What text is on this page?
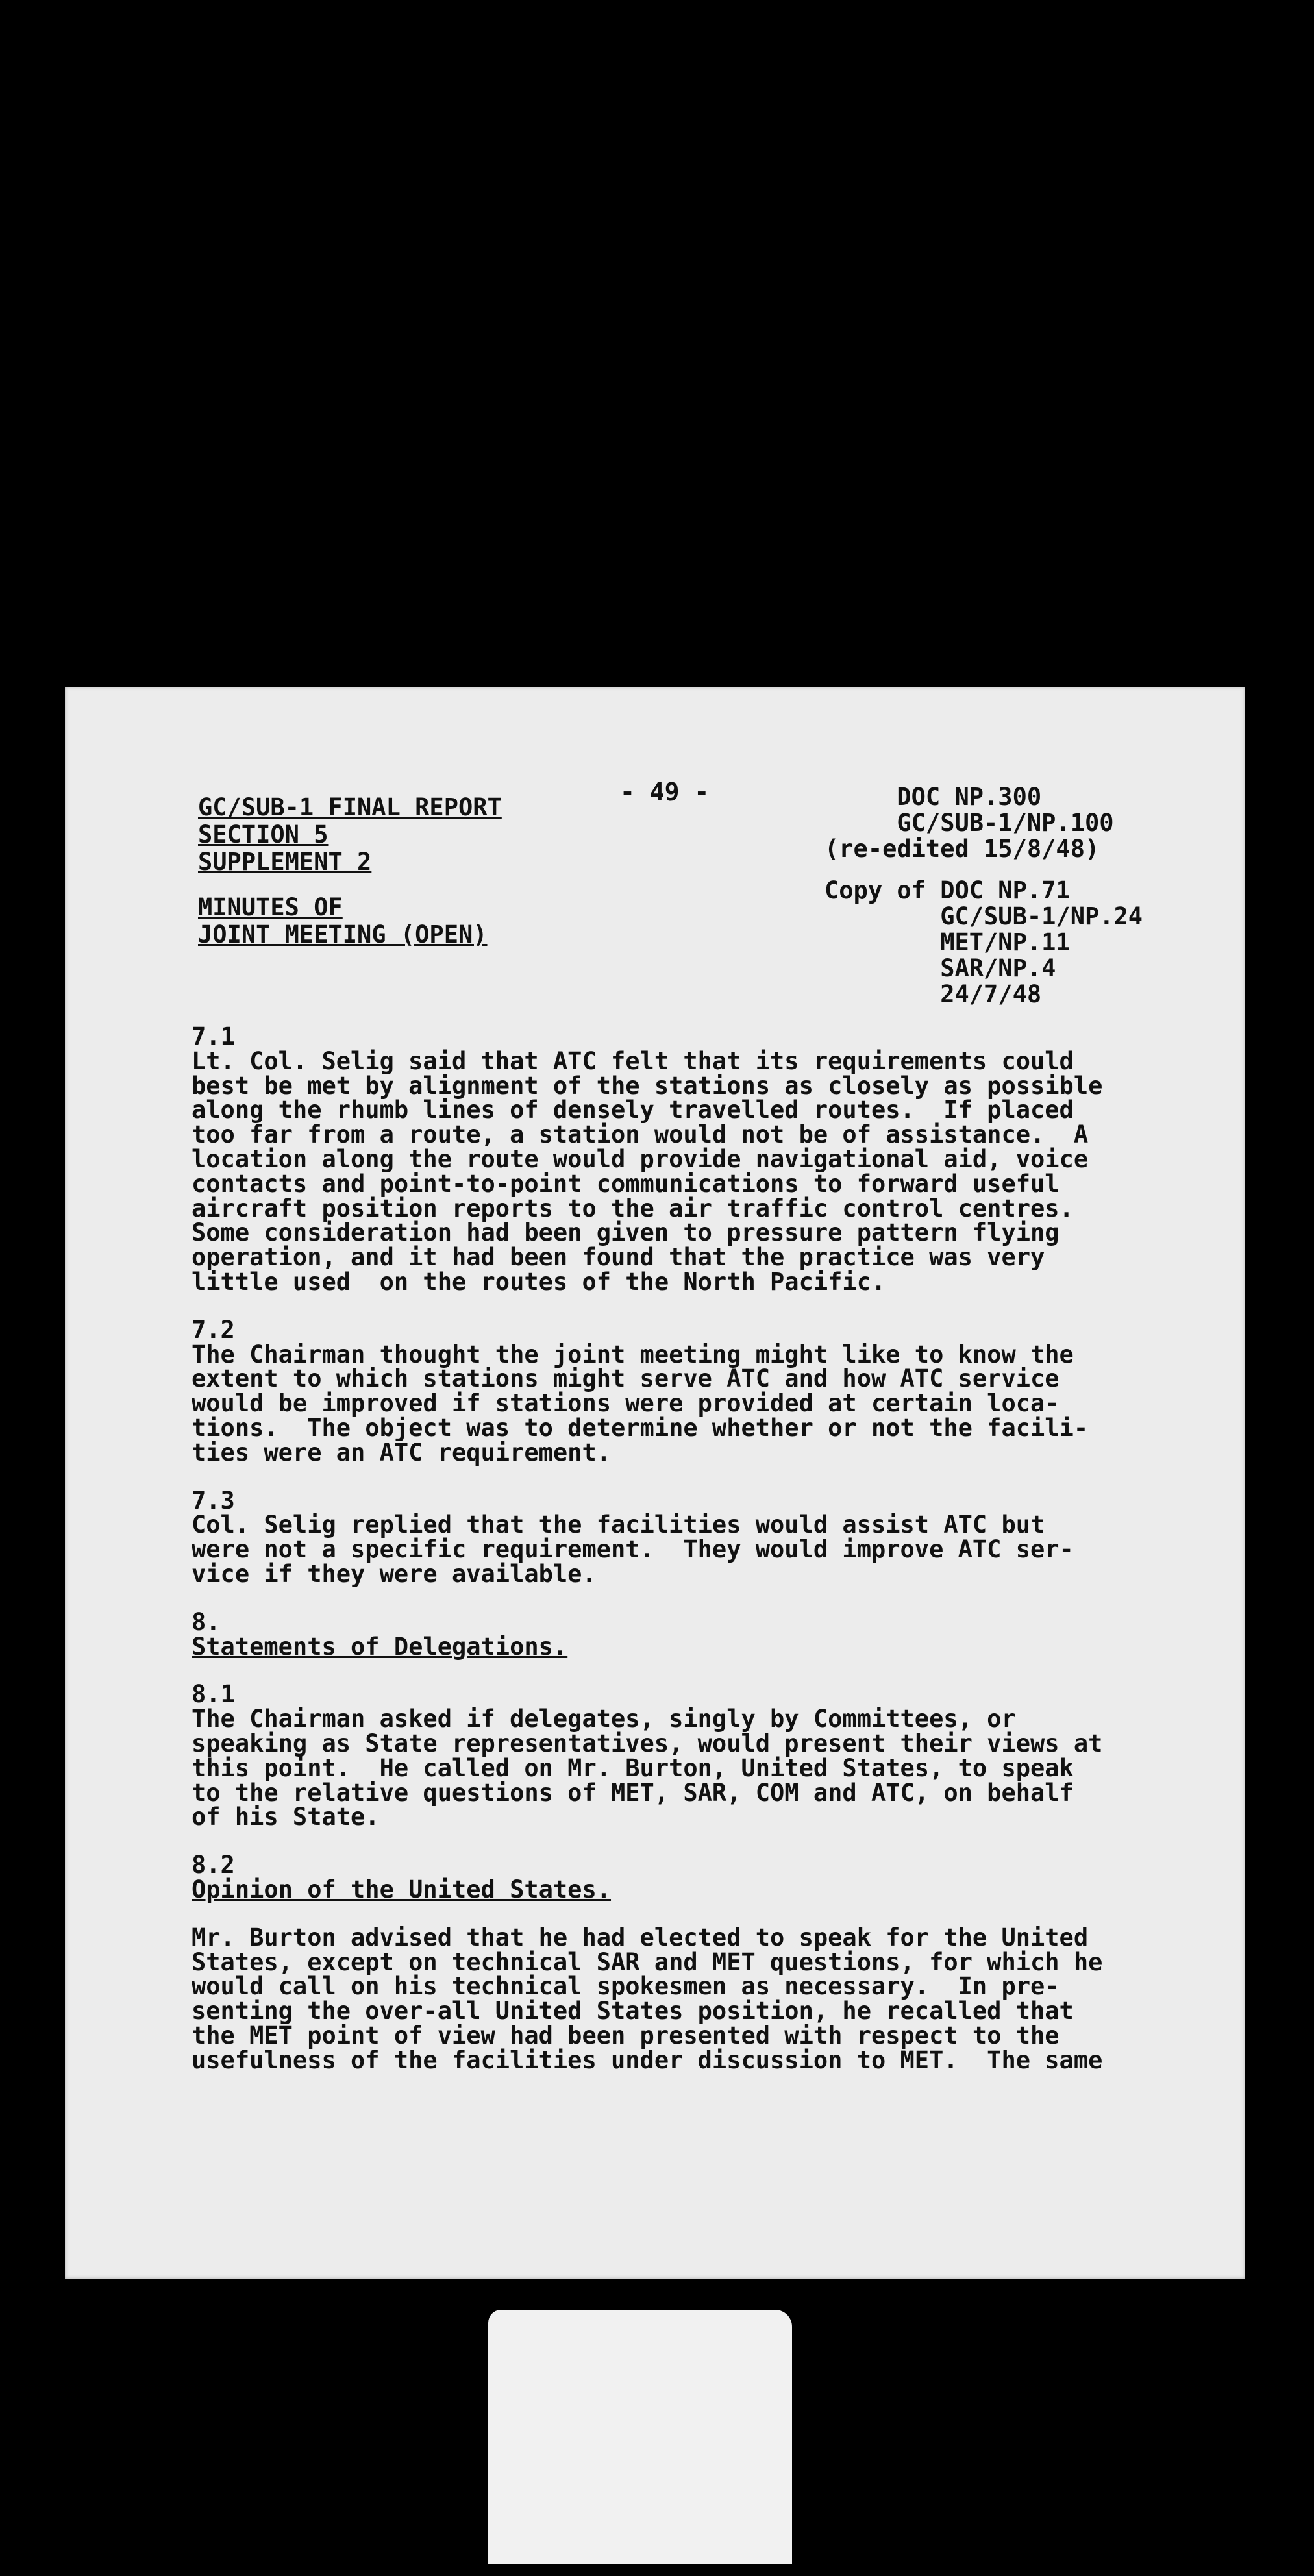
GC/SUB-1 FINAL REPORT
SECTION 5
SUPPLEMENT 2
MINUTES OF
JOINT MEETING (OPEN)
- 49 -	DOC NP.300
GC/SUB-1/NP.100
(re-edited 15/8/48)
Copy of DOC NP.71
GC/SUB-1/NP.24
MET/NP.11
SAR/NP.4
24/7/48
7.1
Lt. Col. Selig said that ATC felt that its requirements could
best be met by alignment of the stations as closely as possible
along the rhumb lines of densely travelled routes.  If placed
too far from a route, a station would not be of assistance.  A
location along the route would provide navigational aid, voice
contacts and point-to-point communications to forward useful
aircraft position reports to the air traffic control centres.
Some consideration had been given to pressure pattern flying
operation, and it had been found that the practice was very
little used  on the routes of the North Pacific.
7.2
The Chairman thought the joint meeting might like to know the
extent to which stations might serve ATC and how ATC service
would be improved if stations were provided at certain loca-
tions.  The object was to determine whether or not the facili-
ties were an ATC requirement.
7.3
Col. Selig replied that the facilities would assist ATC but
were not a specific requirement.  They would improve ATC ser-
vice if they were available.
8.
Statements of Delegations.
8.1
The Chairman asked if delegates, singly by Committees, or
speaking as State representatives, would present their views at
this point.  He called on Mr. Burton, United States, to speak
to the relative questions of MET, SAR, COM and ATC, on behalf
of his State.
8.2
Opinion of the United States.
Mr. Burton advised that he had elected to speak for the United
States, except on technical SAR and MET questions, for which he
would call on his technical spokesmen as necessary.  In pre-
senting the over-all United States position, he recalled that
the MET point of view had been presented with respect to the
usefulness of the facilities under discussion to MET.  The same
